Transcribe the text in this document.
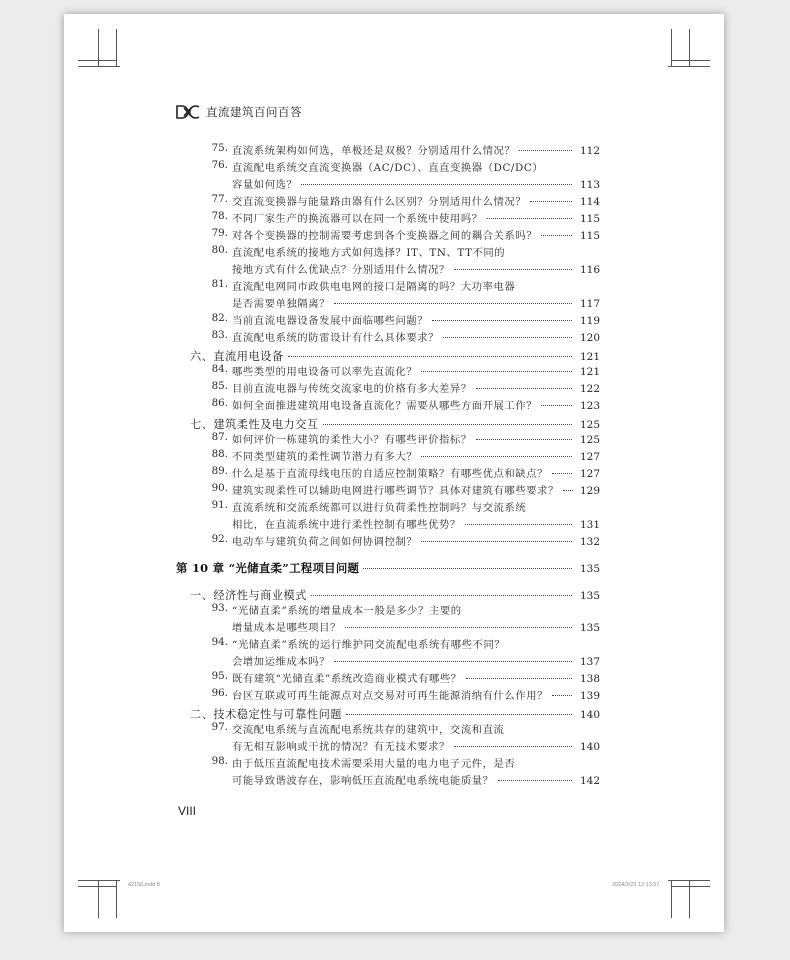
直流建筑百问百答
75. 直流系统架构如何选，单极还是双极？分别适用什么情况？	112
76. 直流配电系统交直流变换器（AC/DC）、直直变换器（DC/DC）
容量如何选？	113
77. 交直流变换器与能量路由器有什么区别？分别适用什么情况？	114
78. 不同厂家生产的换流器可以在同一个系统中使用吗？	115
79. 对各个变换器的控制需要考虑到各个变换器之间的耦合关系吗？	115
80. 直流配电系统的接地方式如何选择？IT、TN、TT不同的
接地方式有什么优缺点？分别适用什么情况？	116
81. 直流配电网同市政供电电网的接口是隔离的吗？大功率电器
是否需要单独隔离？	117
82. 当前直流电器设备发展中面临哪些问题？	119
83. 直流配电系统的防雷设计有什么具体要求？	120
六、直流用电设备	121
84. 哪些类型的用电设备可以率先直流化？	121
85. 目前直流电器与传统交流家电的价格有多大差异？	122
86. 如何全面推进建筑用电设备直流化？需要从哪些方面开展工作？	123
七、建筑柔性及电力交互	125
87. 如何评价一栋建筑的柔性大小？有哪些评价指标？	125
88. 不同类型建筑的柔性调节潜力有多大？	127
89. 什么是基于直流母线电压的自适应控制策略？有哪些优点和缺点？	127
90. 建筑实现柔性可以辅助电网进行哪些调节？具体对建筑有哪些要求？ 129
91. 直流系统和交流系统都可以进行负荷柔性控制吗？与交流系统
相比，在直流系统中进行柔性控制有哪些优势？	131
92. 电动车与建筑负荷之间如何协调控制？	132
第 10 章 “光储直柔”工程项目问题	135
一、经济性与商业模式	135
93. “光储直柔”系统的增量成本一般是多少？主要的
增量成本是哪些项目？	135
94. “光储直柔”系统的运行维护同交流配电系统有哪些不同？
会增加运维成本吗？	137
95. 既有建筑“光储直柔”系统改造商业模式有哪些？	138
96. 台区互联或可再生能源点对点交易对可再生能源消纳有什么作用？	139
二、技术稳定性与可靠性问题	140
97. 交流配电系统与直流配电系统共存的建筑中，交流和直流
有无相互影响或干扰的情况？有无技术要求？	140
98. 由于低压直流配电技术需要采用大量的电力电子元件，是否
可能导致谐波存在，影响低压直流配电系统电能质量？	142
VIII
42150.indd 8	2024/3/23 12:13:57
